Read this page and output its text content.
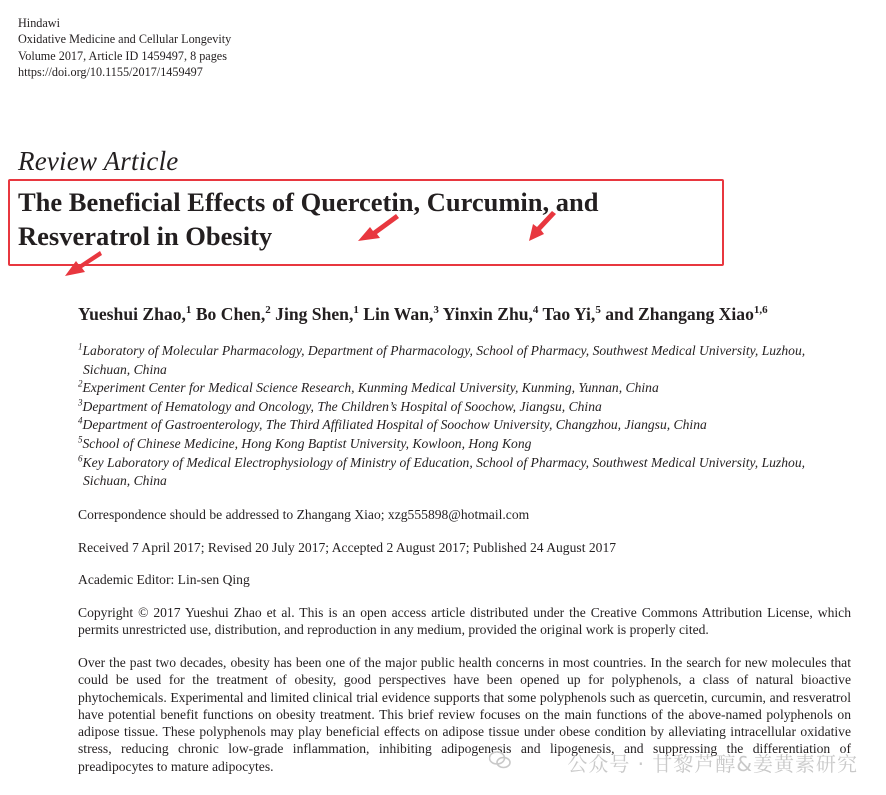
Hindawi
Oxidative Medicine and Cellular Longevity
Volume 2017, Article ID 1459497, 8 pages
https://doi.org/10.1155/2017/1459497
Review Article
The Beneficial Effects of Quercetin, Curcumin, and
Resveratrol in Obesity
Yueshui Zhao,$^1$ Bo Chen,$^2$ Jing Shen,$^1$ Lin Wan,$^3$ Yinxin Zhu,$^4$ Tao Yi,$^5$ and Zhangang Xiao$^{1,6}$
$^1$Laboratory of Molecular Pharmacology, Department of Pharmacology, School of Pharmacy, Southwest Medical University, Luzhou,
Sichuan, China
$^2$Experiment Center for Medical Science Research, Kunming Medical University, Kunming, Yunnan, China
$^3$Department of Hematology and Oncology, The Children’s Hospital of Soochow, Jiangsu, China
$^4$Department of Gastroenterology, The Third Affiliated Hospital of Soochow University, Changzhou, Jiangsu, China
$^5$School of Chinese Medicine, Hong Kong Baptist University, Kowloon, Hong Kong
$^6$Key Laboratory of Medical Electrophysiology of Ministry of Education, School of Pharmacy, Southwest Medical University, Luzhou,
Sichuan, China
Correspondence should be addressed to Zhangang Xiao; xzg555898@hotmail.com
Received 7 April 2017; Revised 20 July 2017; Accepted 2 August 2017; Published 24 August 2017
Academic Editor: Lin-sen Qing
Copyright © 2017 Yueshui Zhao et al. This is an open access article distributed under the Creative Commons Attribution License, which permits unrestricted use, distribution, and reproduction in any medium, provided the original work is properly cited.
Over the past two decades, obesity has been one of the major public health concerns in most countries. In the search for new molecules that could be used for the treatment of obesity, good perspectives have been opened up for polyphenols, a class of natural bioactive phytochemicals. Experimental and limited clinical trial evidence supports that some polyphenols such as quercetin, curcumin, and resveratrol have potential benefit functions on obesity treatment. This brief review focuses on the main functions of the above-named polyphenols on adipose tissue. These polyphenols may play beneficial effects on adipose tissue under obese condition by alleviating intracellular oxidative stress, reducing chronic low-grade inflammation, inhibiting adipogenesis and lipogenesis, and suppressing the differentiation of preadipocytes to mature adipocytes.	公众号 · 甘黎芦醇&姜黄素研究
